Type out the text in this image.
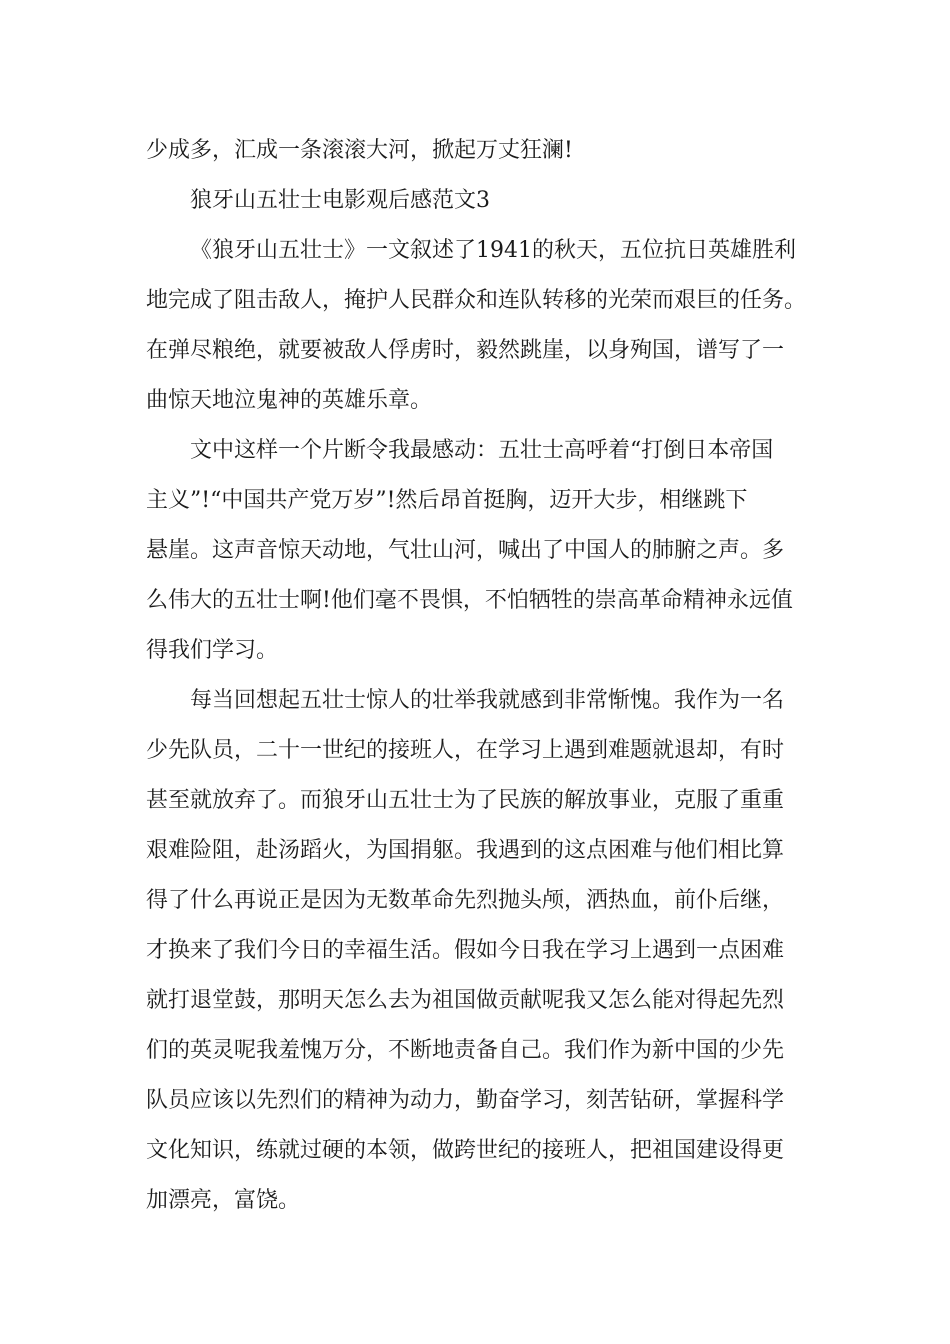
少成多，汇成一条滚滚大河，掀起万丈狂澜!
狼牙山五壮士电影观后感范文3
《狼牙山五壮士》一文叙述了1941的秋天，五位抗日英雄胜利
地完成了阻击敌人，掩护人民群众和连队转移的光荣而艰巨的任务。
在弹尽粮绝，就要被敌人俘虏时，毅然跳崖，以身殉国，谱写了一
曲惊天地泣鬼神的英雄乐章。
文中这样一个片断令我最感动：五壮士高呼着“打倒日本帝国
主义”!“中国共产党万岁”!然后昂首挺胸，迈开大步，相继跳下
悬崖。这声音惊天动地，气壮山河，喊出了中国人的肺腑之声。多
么伟大的五壮士啊!他们毫不畏惧，不怕牺牲的崇高革命精神永远值
得我们学习。
每当回想起五壮士惊人的壮举我就感到非常惭愧。我作为一名
少先队员，二十一世纪的接班人，在学习上遇到难题就退却，有时
甚至就放弃了。而狼牙山五壮士为了民族的解放事业，克服了重重
艰难险阻，赴汤蹈火，为国捐躯。我遇到的这点困难与他们相比算
得了什么再说正是因为无数革命先烈抛头颅，洒热血，前仆后继，
才换来了我们今日的幸福生活。假如今日我在学习上遇到一点困难
就打退堂鼓，那明天怎么去为祖国做贡献呢我又怎么能对得起先烈
们的英灵呢我羞愧万分，不断地责备自己。我们作为新中国的少先
队员应该以先烈们的精神为动力，勤奋学习，刻苦钻研，掌握科学
文化知识，练就过硬的本领，做跨世纪的接班人，把祖国建设得更
加漂亮，富饶。
